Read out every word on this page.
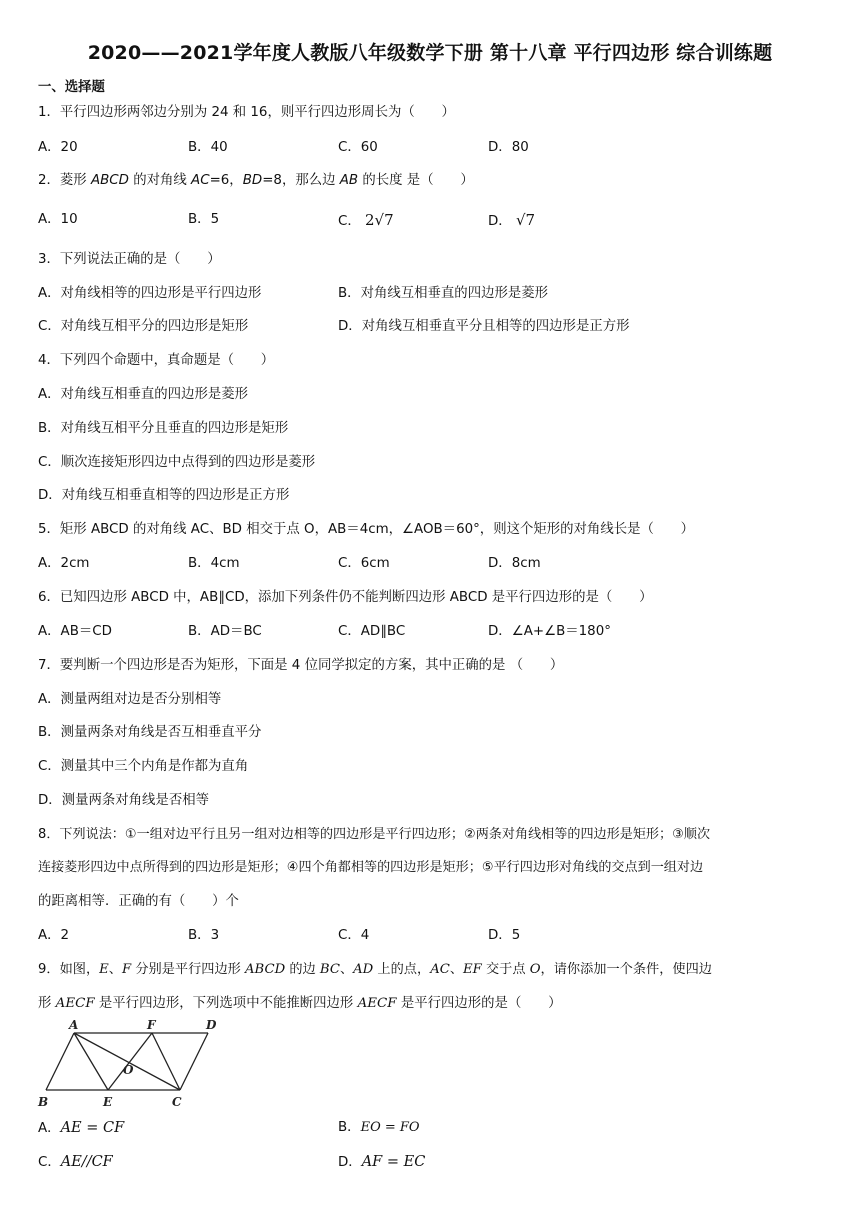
2020——2021学年度人教版八年级数学下册 第十八章 平行四边形 综合训练题
一、选择题
1．平行四边形两邻边分别为 24 和 16，则平行四边形周长为（　　）
A．20	B．40	C．60	D．80
2．菱形 ABCD 的对角线 AC=6，BD=8，那么边 AB 的长度 是（　　）
A．10	B．5	C． 2√7	D． √7
3．下列说法正确的是（　　）
A．对角线相等的四边形是平行四边形	B．对角线互相垂直的四边形是菱形
C．对角线互相平分的四边形是矩形	D．对角线互相垂直平分且相等的四边形是正方形
4．下列四个命题中，真命题是（　　）
A．对角线互相垂直的四边形是菱形
B．对角线互相平分且垂直的四边形是矩形
C．顺次连接矩形四边中点得到的四边形是菱形
D．对角线互相垂直相等的四边形是正方形
5．矩形 ABCD 的对角线 AC、BD 相交于点 O，AB＝4cm，∠AOB＝60°，则这个矩形的对角线长是（　　）
A．2cm	B．4cm	C．6cm	D．8cm
6．已知四边形 ABCD 中，AB∥CD，添加下列条件仍不能判断四边形 ABCD 是平行四边形的是（　　）
A．AB＝CD	B．AD＝BC	C．AD∥BC	D．∠A+∠B＝180°
7．要判断一个四边形是否为矩形，下面是 4 位同学拟定的方案，其中正确的是 （　　）
A．测量两组对边是否分别相等
B．测量两条对角线是否互相垂直平分
C．测量其中三个内角是作都为直角
D．测量两条对角线是否相等
8．下列说法：①一组对边平行且另一组对边相等的四边形是平行四边形；②两条对角线相等的四边形是矩形；③顺次
连接菱形四边中点所得到的四边形是矩形；④四个角都相等的四边形是矩形；⑤平行四边形对角线的交点到一组对边
的距离相等．正确的有（　　）个
A．2	B．3	C．4	D．5
9．如图，E、F 分别是平行四边形 ABCD 的边 BC、AD 上的点，AC、EF 交于点 O，请你添加一个条件，使四边
形 AECF 是平行四边形，下列选项中不能推断四边形 AECF 是平行四边形的是（　　）
A	F	D
O
B	E	C
A．AE = CF	B．EO = FO
C．AE//CF	D．AF = EC
